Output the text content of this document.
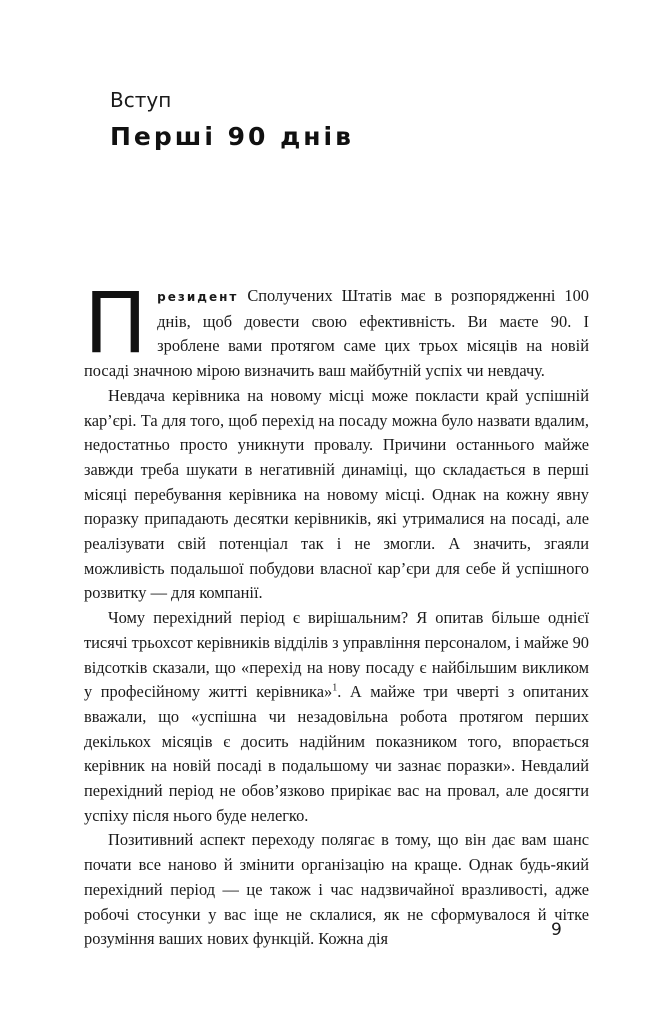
Вступ
Перші 90 днів

Президент Сполучених Штатів має в розпорядженні 100 днів, щоб довести свою ефективність. Ви маєте 90. І зроблене вами протягом саме цих трьох місяців на новій посаді значною мірою визначить ваш майбутній успіх чи невдачу.

Невдача керівника на новому місці може покласти край успішній кар’єрі. Та для того, щоб перехід на посаду можна було назвати вдалим, недостатньо просто уникнути провалу. Причини останнього майже завжди треба шукати в негативній динаміці, що складається в перші місяці перебування керівника на новому місці. Однак на кожну явну поразку припадають десятки керівників, які утрималися на посаді, але реалізувати свій потенціал так і не змогли. А значить, згаяли можливість подальшої побудови власної кар’єри для себе й успішного розвитку — для компанії.

Чому перехідний період є вирішальним? Я опитав більше однієї тисячі трьохсот керівників відділів з управління персоналом, і майже 90 відсотків сказали, що «перехід на нову посаду є найбільшим викликом у професійному житті керівника»$^1$. А майже три чверті з опитаних вважали, що «успішна чи незадовільна робота протягом перших декількох місяців є досить надійним показником того, впорається керівник на новій посаді в подальшому чи зазнає поразки». Невдалий перехідний період не обов’язково прирікає вас на провал, але досягти успіху після нього буде нелегко.

Позитивний аспект переходу полягає в тому, що він дає вам шанс почати все наново й змінити організацію на краще. Однак будь-який перехідний період — це також і час надзвичайної вразливості, адже робочі стосунки у вас іще не склалися, як не сформувалося й чітке розуміння ваших нових функцій. Кожна дія	9
